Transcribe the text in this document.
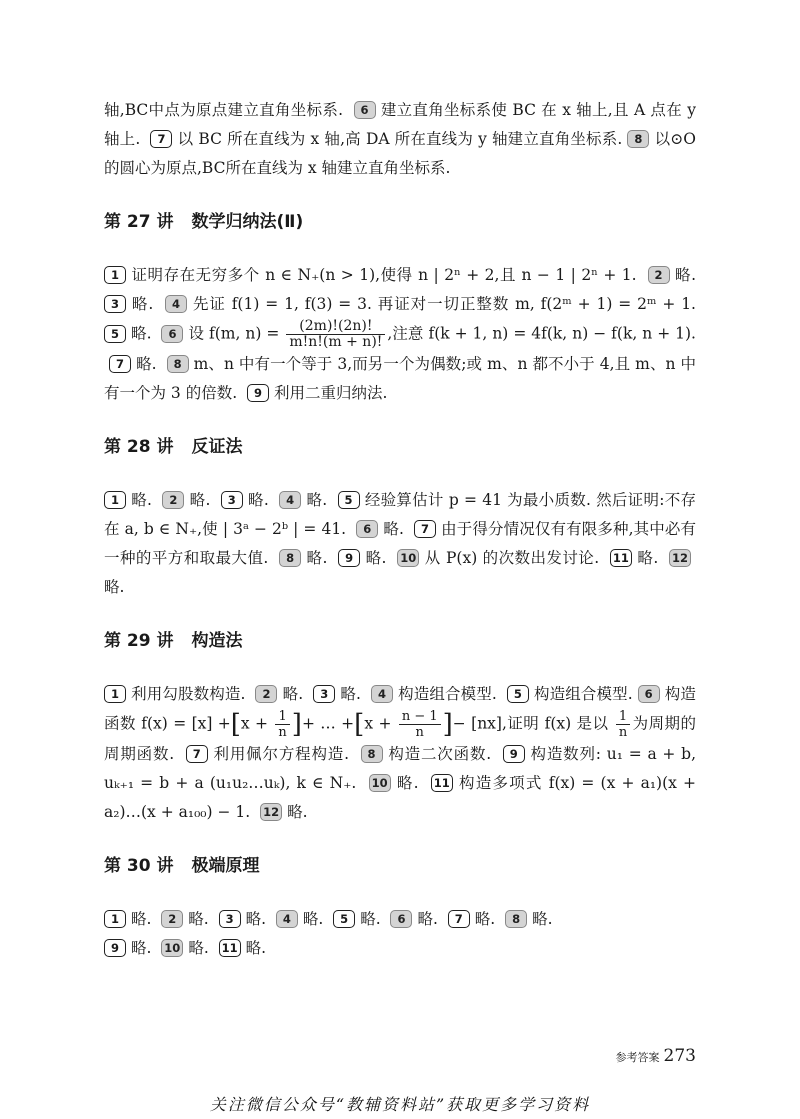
轴,BC中点为原点建立直角坐标系. 6 建立直角坐标系使 BC 在 x 轴上,且 A 点在 y 轴上. 7 以 BC 所在直线为 x 轴,高 DA 所在直线为 y 轴建立直角坐标系. 8 以⊙O的圆心为原点,BC所在直线为 x 轴建立直角坐标系.

第 27 讲 数学归纳法(Ⅱ)

1 证明存在无穷多个 n ∈ N₊(n > 1),使得 n | 2ⁿ + 2,且 n − 1 | 2ⁿ + 1. 2 略. 3 略. 4 先证 f(1) = 1, f(3) = 3. 再证对一切正整数 m, f(2ᵐ + 1) = 2ᵐ + 1. 5 略. 6 设 f(m, $n) = \frac{(2m)!(2n)!}{m!n!(m + n)!}$ ,注意 f(k + 1, n) = 4f(k, n) − f(k, n + 1).  7 略. 8 m、n 中有一个等于 3,而另一个为偶数;或 m、n 都不小于 4,且 m、n 中有一个为 3 的倍数. 9 利用二重归纳法.

第 28 讲 反证法

1 略. 2 略. 3 略. 4 略. 5 经验算估计 p = 41 为最小质数. 然后证明:不存在 a, b ∈ N₊,使 | 3ᵃ − 2ᵇ | = 41. 6 略. 7 由于得分情况仅有有限多种,其中必有一种的平方和取最大值. 8 略. 9 略. 10 从 P(x) 的次数出发讨论. 11 略. 12略.

第 29 讲 构造法

1 利用勾股数构造. 2 略. 3 略. 4 构造组合模型. 5 构造组合模型. 6 构造函数 $f(x) = [x] +[x + \frac{1}{n}$ ]+ … $+[x + \frac{n - 1}{n}$ ]− [nx],证明 f(x) 是以 $\frac{1}{n}$ 为周期的周期函数. 7 利用佩尔方程构造. 8 构造二次函数. 9 构造数列: u₁ = a + b, uₖ₊₁ = b + a (u₁u₂…uₖ), k ∈ N₊. 10 略. 11 构造多项式 f(x) = (x + a₁)(x + a₂)…(x + a₁₀₀) − 1. 12 略.

第 30 讲 极端原理

1 略. 2 略. 3 略. 4 略. 5 略. 6 略. 7 略. 8 略.
9 略. 10 略. 11 略.

参考答案 273
关注微信公众号“教辅资料站”获取更多学习资料
